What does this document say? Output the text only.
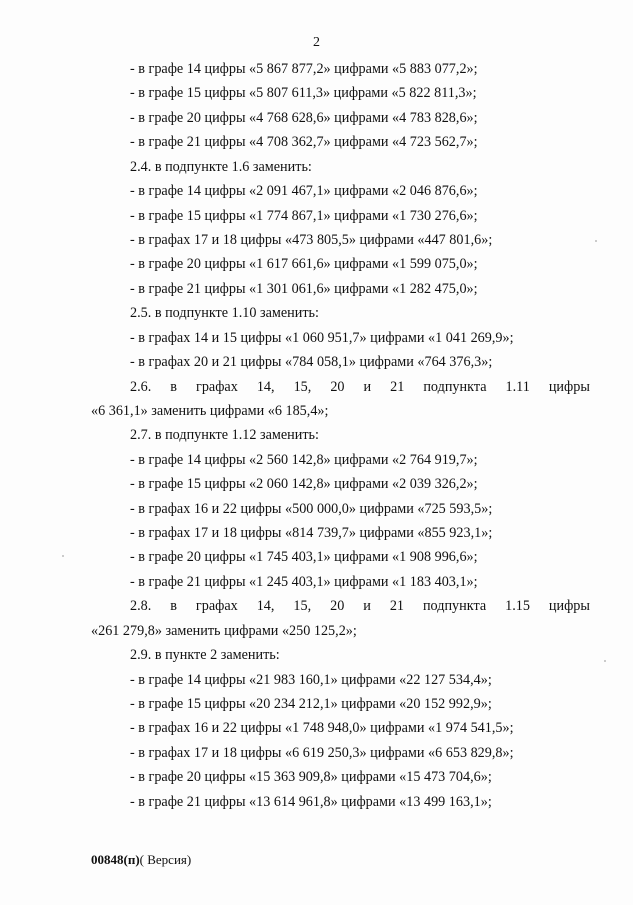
2
- в графе 14 цифры «5 867 877,2» цифрами «5 883 077,2»;
- в графе 15 цифры «5 807 611,3» цифрами «5 822 811,3»;
- в графе 20 цифры «4 768 628,6» цифрами «4 783 828,6»;
- в графе 21 цифры «4 708 362,7» цифрами «4 723 562,7»;
2.4. в подпункте 1.6 заменить:
- в графе 14 цифры «2 091 467,1» цифрами «2 046 876,6»;
- в графе 15 цифры «1 774 867,1» цифрами «1 730 276,6»;
- в графах 17 и 18 цифры «473 805,5» цифрами «447 801,6»;
- в графе 20 цифры «1 617 661,6» цифрами «1 599 075,0»;
- в графе 21 цифры «1 301 061,6» цифрами «1 282 475,0»;
2.5. в подпункте 1.10 заменить:
- в графах 14 и 15 цифры «1 060 951,7» цифрами «1 041 269,9»;
- в графах 20 и 21 цифры «784 058,1» цифрами «764 376,3»;
2.6. в графах 14, 15, 20 и 21 подпункта 1.11 цифры
«6 361,1» заменить цифрами «6 185,4»;
2.7. в подпункте 1.12 заменить:
- в графе 14 цифры «2 560 142,8» цифрами «2 764 919,7»;
- в графе 15 цифры «2 060 142,8» цифрами «2 039 326,2»;
- в графах 16 и 22 цифры «500 000,0» цифрами «725 593,5»;
- в графах 17 и 18 цифры «814 739,7» цифрами «855 923,1»;
- в графе 20 цифры «1 745 403,1» цифрами «1 908 996,6»;
- в графе 21 цифры «1 245 403,1» цифрами «1 183 403,1»;
2.8. в графах 14, 15, 20 и 21 подпункта 1.15 цифры
«261 279,8» заменить цифрами «250 125,2»;
2.9. в пункте 2 заменить:
- в графе 14 цифры «21 983 160,1» цифрами «22 127 534,4»;
- в графе 15 цифры «20 234 212,1» цифрами «20 152 992,9»;
- в графах 16 и 22 цифры «1 748 948,0» цифрами «1 974 541,5»;
- в графах 17 и 18 цифры «6 619 250,3» цифрами «6 653 829,8»;
- в графе 20 цифры «15 363 909,8» цифрами «15 473 704,6»;
- в графе 21 цифры «13 614 961,8» цифрами «13 499 163,1»;
00848(п)( Версия)
